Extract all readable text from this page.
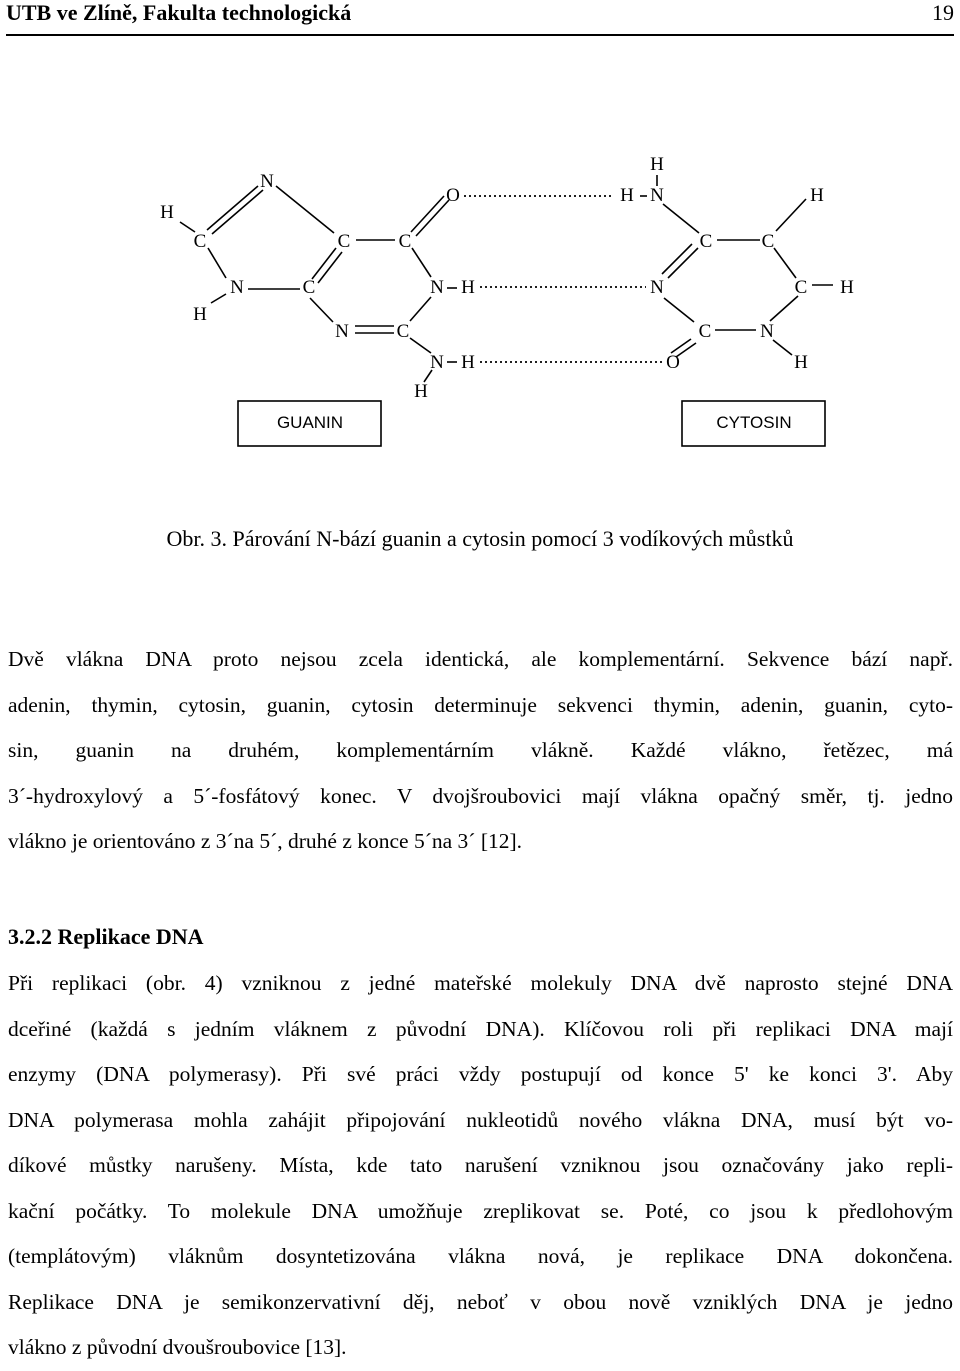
UTB ve Zlíně, Fakulta technologická	19
H
N
C	C	C
N	C
H
N H
N	C
N H
H
O
H
H N	H
C	C
N	C H
C	N
O	H
GUANIN	CYTOSIN
Obr. 3. Párování N-bází guanin a cytosin pomocí 3 vodíkových můstků
Dvě vlákna DNA proto nejsou zcela identická, ale komplementární. Sekvence bází např.
adenin, thymin, cytosin, guanin, cytosin determinuje sekvenci thymin, adenin, guanin, cyto-
sin, guanin na druhém, komplementárním vlákně. Každé vlákno, řetězec, má
3´-hydroxylový a 5´-fosfátový konec. V dvojšroubovici mají vlákna opačný směr, tj. jedno
vlákno je orientováno z 3´na 5´, druhé z konce 5´na 3´ [12].
3.2.2 Replikace DNA
Při replikaci (obr. 4) vzniknou z jedné mateřské molekuly DNA dvě naprosto stejné DNA
dceřiné (každá s jedním vláknem z původní DNA). Klíčovou roli při replikaci DNA mají
enzymy (DNA polymerasy). Při své práci vždy postupují od konce 5' ke konci 3'. Aby
DNA polymerasa mohla zahájit připojování nukleotidů nového vlákna DNA, musí být vo-
díkové můstky narušeny. Místa, kde tato narušení vzniknou jsou označovány jako repli-
kační počátky. To molekule DNA umožňuje zreplikovat se. Poté, co jsou k předlohovým
(templátovým) vláknům dosyntetizována vlákna nová, je replikace DNA dokončena.
Replikace DNA je semikonzervativní děj, neboť v obou nově vzniklých DNA je jedno
vlákno z původní dvoušroubovice [13].
